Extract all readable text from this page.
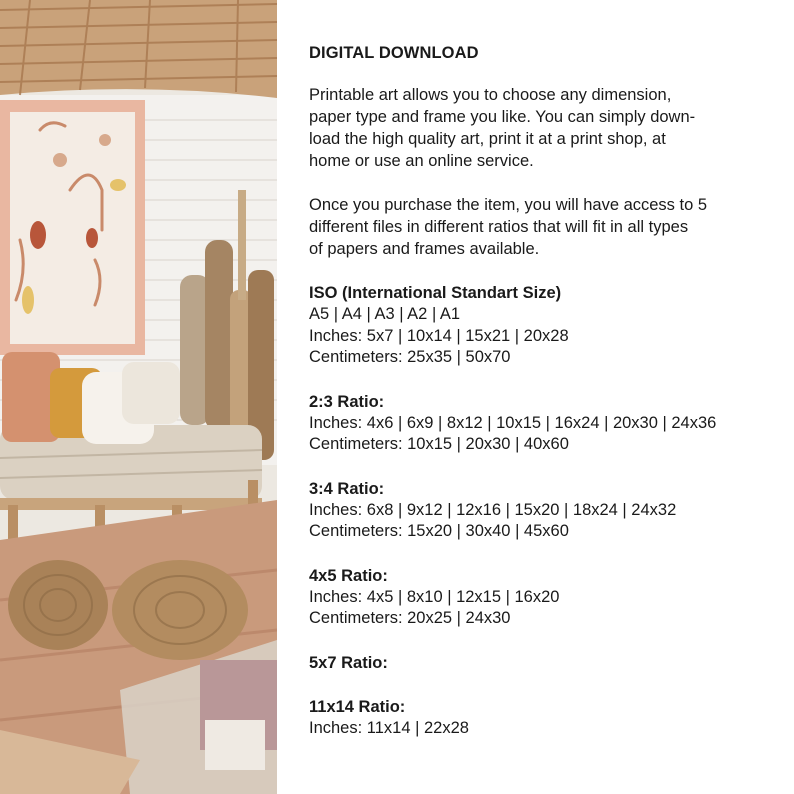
DIGITAL DOWNLOAD
Printable art allows you to choose any dimension,
paper type and frame you like. You can simply down-
load the high quality art, print it at a print shop, at
home or use an online service.
Once you purchase the item, you will have access to 5
different files in different ratios that will fit in all types
of papers and frames available.
ISO (International Standart Size)
A5 | A4 | A3 | A2 | A1
Inches: 5x7 | 10x14 | 15x21 | 20x28
Centimeters: 25x35 | 50x70
2:3 Ratio:
Inches: 4x6 | 6x9 | 8x12 | 10x15 | 16x24 | 20x30 | 24x36
Centimeters: 10x15 | 20x30 | 40x60
3:4 Ratio:
Inches: 6x8 | 9x12 | 12x16 | 15x20 | 18x24 | 24x32
Centimeters: 15x20 | 30x40 | 45x60
4x5 Ratio:
Inches: 4x5 | 8x10 | 12x15 | 16x20
Centimeters: 20x25 | 24x30
5x7 Ratio:
11x14 Ratio:
Inches: 11x14 | 22x28
